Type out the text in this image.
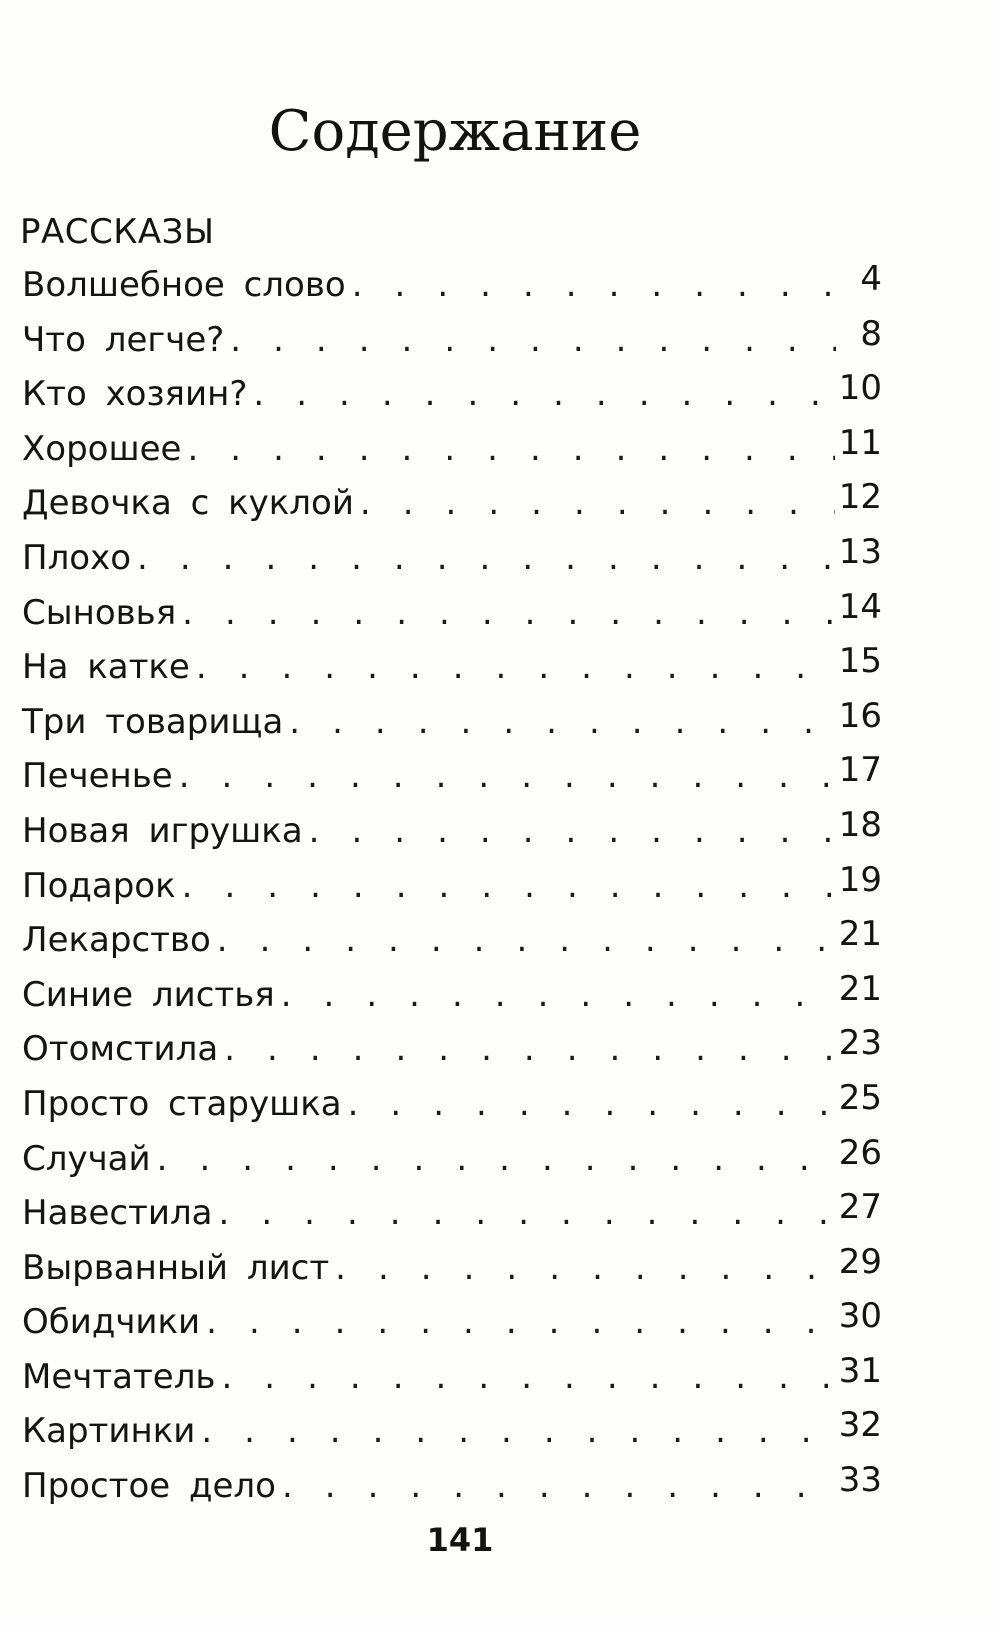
Содержание
РАССКАЗЫ
Волшебное слово . . .	4
Что легче? . . .	8
Кто хозяин? . . .	10
Хорошее . . .	11
Девочка с куклой . . .	12
Плохо . . .	13
Сыновья . . .	14
На катке . . .	15
Три товарища . . .	16
Печенье . . .	17
Новая игрушка . . .	18
Подарок . . .	19
Лекарство . . .	21
Синие листья . . .	21
Отомстила . . .	23
Просто старушка . . .	25
Случай . . .	26
Навестила . . .	27
Вырванный лист . . .	29
Обидчики . . .	30
Мечтатель . . .	31
Картинки . . .	32
Простое дело . . .	33
141
